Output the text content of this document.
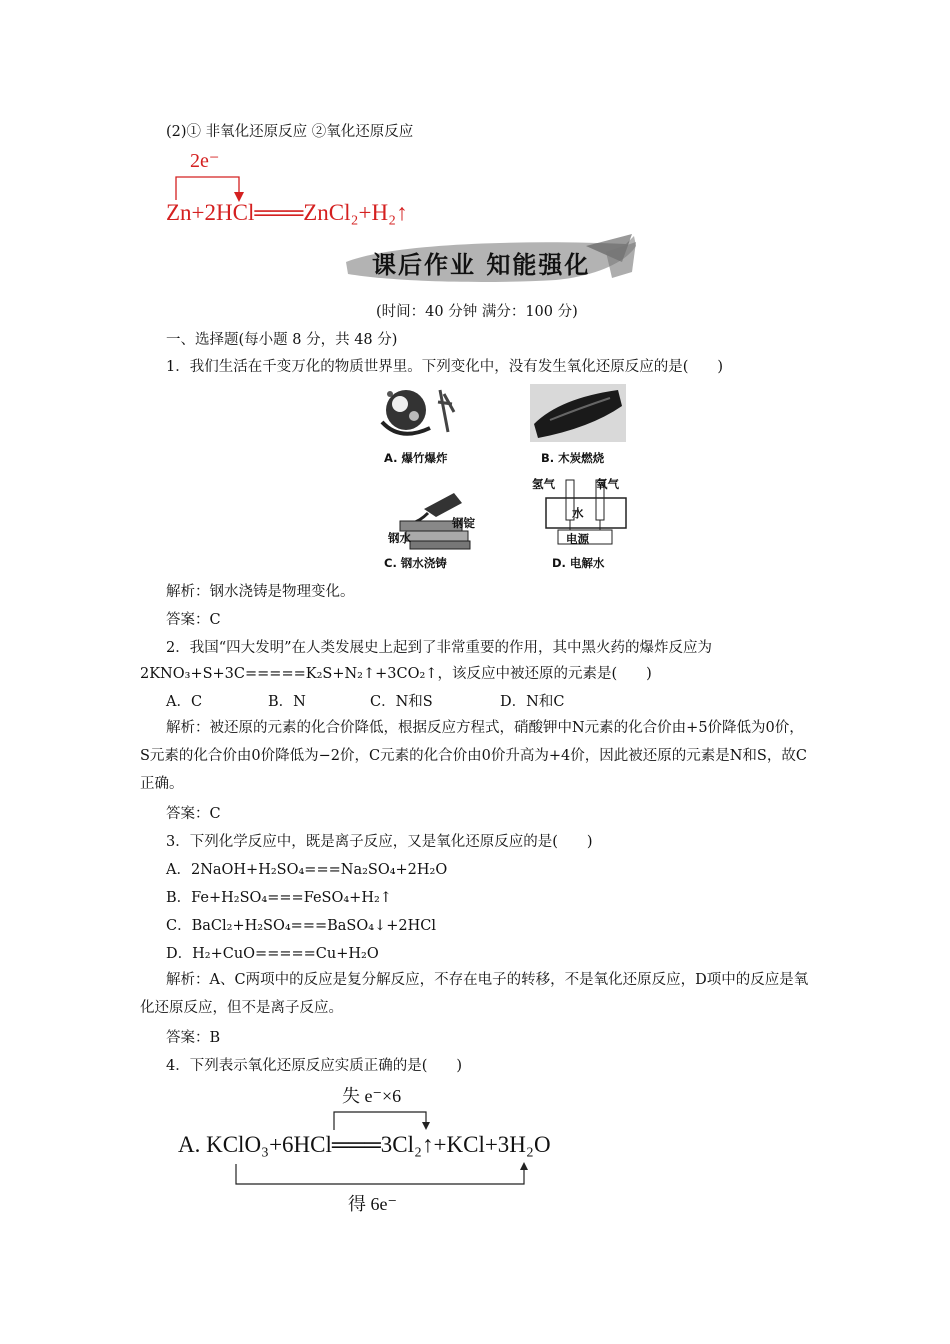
(2)① 非氧化还原反应 ②氧化还原反应
2e⁻
Zn+2HCl═══ZnCl₂+H₂↑
课后作业 知能强化
(时间：40 分钟 满分：100 分)
一、选择题(每小题 8 分，共 48 分)
1．我们生活在千变万化的物质世界里。下列变化中，没有发生氧化还原反应的是(　　)
A. 爆竹爆炸	B. 木炭燃烧
钢水
钢锭
C. 钢水浇铸
氢气	氧气
水
电源
D. 电解水
解析：钢水浇铸是物理变化。
答案：C
2．我国“四大发明”在人类发展史上起到了非常重要的作用，其中黑火药的爆炸反应为
2KNO₃+S+3C=====K₂S+N₂↑+3CO₂↑，该反应中被还原的元素是(　　)
A．C	B．N	C．N和S	D．N和C
解析：被还原的元素的化合价降低，根据反应方程式，硝酸钾中N元素的化合价由+5价降低为0价，S元素的化合价由0价降低为−2价，C元素的化合价由0价升高为+4价，因此被还原的元素是N和S，故C正确。
答案：C
3．下列化学反应中，既是离子反应，又是氧化还原反应的是(　　)
A．2NaOH+H₂SO₄===Na₂SO₄+2H₂O
B．Fe+H₂SO₄===FeSO₄+H₂↑
C．BaCl₂+H₂SO₄===BaSO₄↓+2HCl
D．H₂+CuO=====Cu+H₂O
解析：A、C两项中的反应是复分解反应，不存在电子的转移，不是氧化还原反应，D项中的反应是氧化还原反应，但不是离子反应。
答案：B
4．下列表示氧化还原反应实质正确的是(　　)
失 e⁻×6
A. KClO₃+6HCl═══3Cl₂↑+KCl+3H₂O
得 6e⁻
